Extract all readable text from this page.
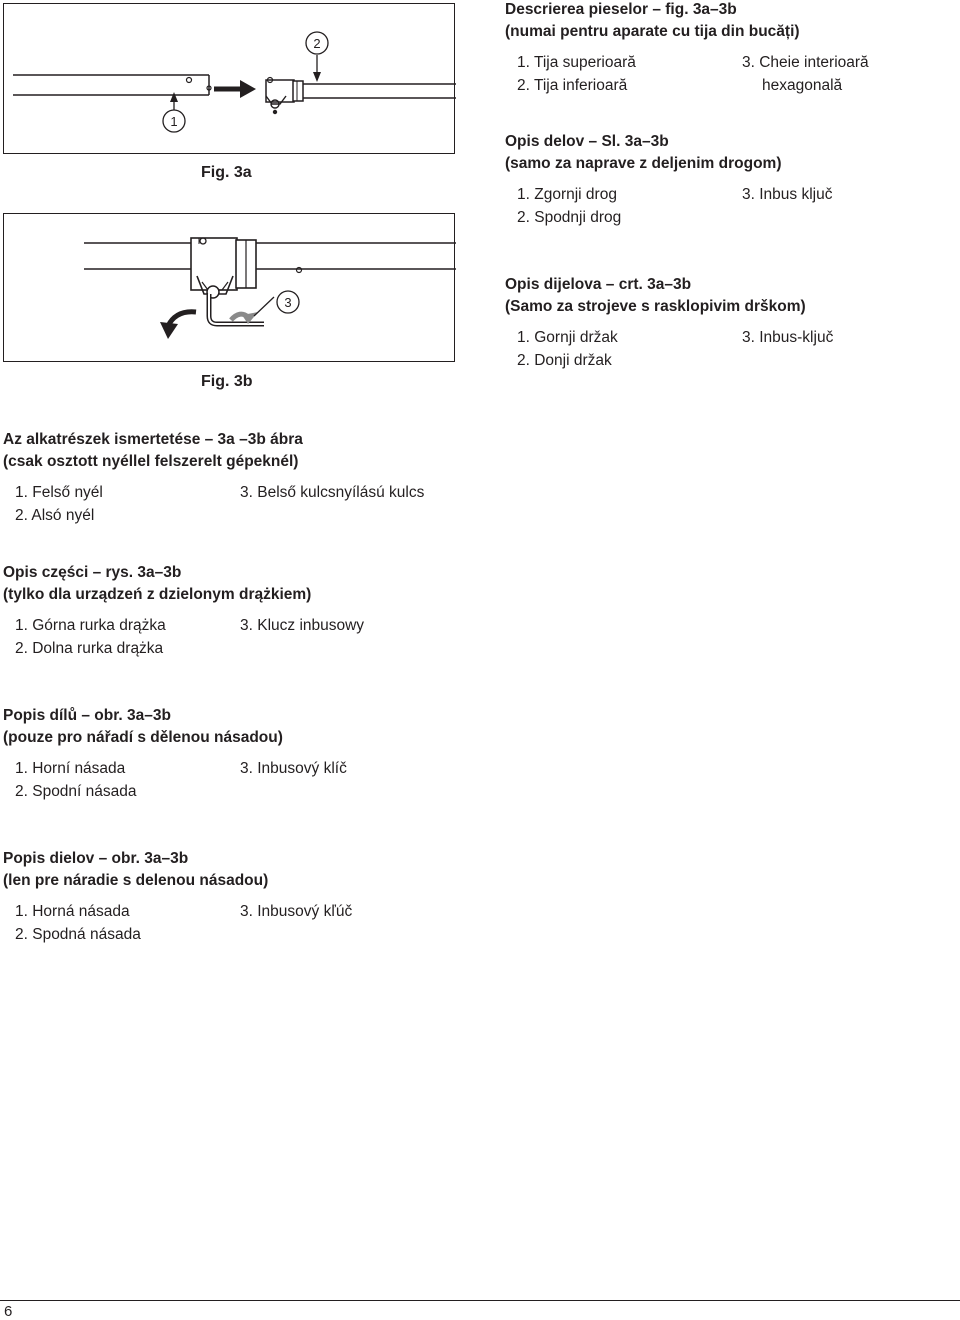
1
2
Fig. 3a
3
Fig. 3b
Descrierea pieselor – fig. 3a–3b
(numai pentru aparate cu tija din bucăți)
1. Tija superioară
2. Tija inferioară
3. Cheie interioară
hexagonală
Opis delov – Sl. 3a–3b
(samo za naprave z deljenim drogom)
1. Zgornji drog
2. Spodnji drog
3. Inbus ključ
Opis dijelova – crt. 3a–3b
(Samo za strojeve s rasklopivim drškom)
1. Gornji držak
2. Donji držak
3. Inbus-ključ
Az alkatrészek ismertetése – 3a –3b ábra
(csak osztott nyéllel felszerelt gépeknél)
1. Felső nyél
2. Alsó nyél
3. Belső kulcsnyílású kulcs
Opis części – rys. 3a–3b
(tylko dla urządzeń z dzielonym drążkiem)
1. Górna rurka drążka
2. Dolna rurka drążka
3. Klucz inbusowy
Popis dílů – obr. 3a–3b
(pouze pro nářadí s dělenou násadou)
1. Horní násada
2. Spodní násada
3. Inbusový klíč
Popis dielov – obr. 3a–3b
(len pre náradie s delenou násadou)
1. Horná násada
2. Spodná násada
3. Inbusový kľúč
6
